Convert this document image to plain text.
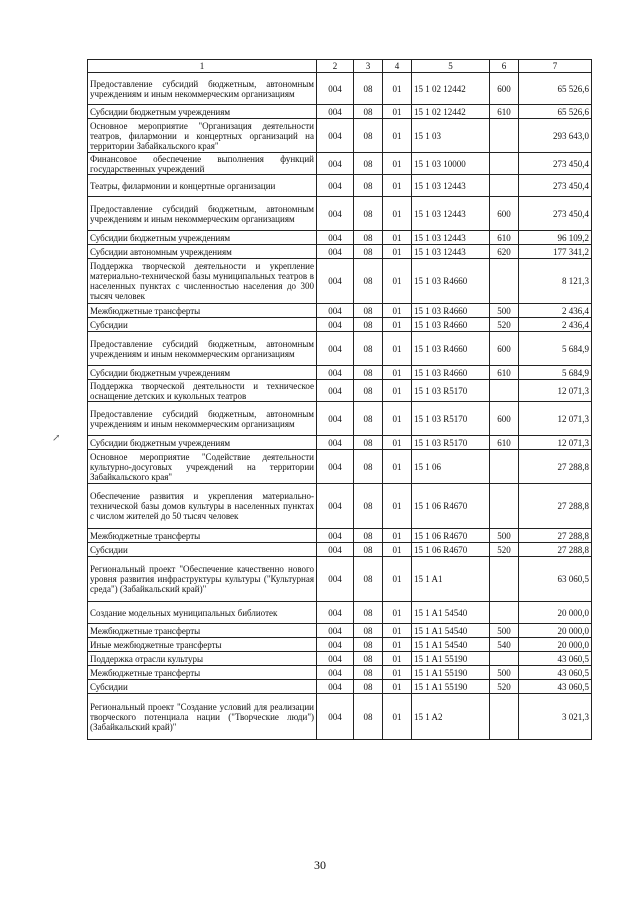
1	2	3	4	5	6	7
Предоставление субсидий бюджетным, автономным учреждениям и иным некоммерческим организациям	004	08	01	15 1 02 12442	600	65 526,6
Субсидии бюджетным учреждениям	004	08	01	15 1 02 12442	610	65 526,6
Основное мероприятие "Организация деятельности театров, филармонии и концертных организаций на территории Забайкальского края"	004	08	01	15 1 03		293 643,0
Финансовое обеспечение выполнения функций государственных учреждений	004	08	01	15 1 03 10000		273 450,4
Театры, филармонии и концертные организации	004	08	01	15 1 03 12443		273 450,4
Предоставление субсидий бюджетным, автономным учреждениям и иным некоммерческим организациям	004	08	01	15 1 03 12443	600	273 450,4
Субсидии бюджетным учреждениям	004	08	01	15 1 03 12443	610	96 109,2
Субсидии автономным учреждениям	004	08	01	15 1 03 12443	620	177 341,2
Поддержка творческой деятельности и укрепление материально-технической базы муниципальных театров в населенных пунктах с численностью населения до 300 тысяч человек	004	08	01	15 1 03 R4660		8 121,3
Межбюджетные трансферты	004	08	01	15 1 03 R4660	500	2 436,4
Субсидии	004	08	01	15 1 03 R4660	520	2 436,4
Предоставление субсидий бюджетным, автономным учреждениям и иным некоммерческим организациям	004	08	01	15 1 03 R4660	600	5 684,9
Субсидии бюджетным учреждениям	004	08	01	15 1 03 R4660	610	5 684,9
Поддержка творческой деятельности и техническое оснащение детских и кукольных театров	004	08	01	15 1 03 R5170		12 071,3
Предоставление субсидий бюджетным, автономным учреждениям и иным некоммерческим организациям	004	08	01	15 1 03 R5170	600	12 071,3
Субсидии бюджетным учреждениям	004	08	01	15 1 03 R5170	610	12 071,3
Основное мероприятие "Содействие деятельности культурно-досуговых учреждений на территории Забайкальского края"	004	08	01	15 1 06		27 288,8
Обеспечение развития и укрепления материально-технической базы домов культуры в населенных пунктах с числом жителей до 50 тысяч человек	004	08	01	15 1 06 R4670		27 288,8
Межбюджетные трансферты	004	08	01	15 1 06 R4670	500	27 288,8
Субсидии	004	08	01	15 1 06 R4670	520	27 288,8
Региональный проект "Обеспечение качественно нового уровня развития инфраструктуры культуры ("Культурная среда") (Забайкальский край)"	004	08	01	15 1 A1		63 060,5
Создание модельных муниципальных библиотек	004	08	01	15 1 A1 54540		20 000,0
Межбюджетные трансферты	004	08	01	15 1 A1 54540	500	20 000,0
Иные межбюджетные трансферты	004	08	01	15 1 A1 54540	540	20 000,0
Поддержка отрасли культуры	004	08	01	15 1 A1 55190		43 060,5
Межбюджетные трансферты	004	08	01	15 1 A1 55190	500	43 060,5
Субсидии	004	08	01	15 1 A1 55190	520	43 060,5
Региональный проект "Создание условий для реализации творческого потенциала нации ("Творческие люди") (Забайкальский край)"	004	08	01	15 1 A2		3 021,3
↗
30
